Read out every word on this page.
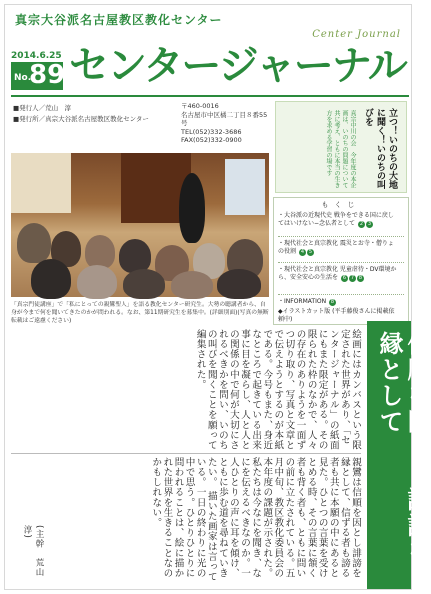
真宗大谷派名古屋教区教化センター
Center Journal
2014.6.25
No.
89 センタージャーナル
■発行人／荒山　淳
■発行所／真宗大谷派名古屋教区教化センター
〒460-0016
名古屋市中区橘二丁目８番55号
TEL(052)332-3686
FAX(052)332-0900	立つ！いのちの大地に聞く！いのちの叫びを
真宗中川の会　今年度の本企画は、いのちの問題について共に考え、ともに本当の生き方を求める学習の場です
「真宗門徒講座」で「私にとっての親鸞聖人」を語る教化センター研究生。大勢の聴講者から、自身が今まで何を聞いてきたのかが問われる。なお、第11期研究生を募集中。(詳細別面)(写真の無断転載はご遠慮ください)
もくじ
・大谷派の近現代史 戦争をできる国に戻してはいけない−念仏者として 2 3
・現代社会と真宗教化 震災とお寺・僧りょの役割 4 5
・現代社会と真宗教化 児童虐待・DV環境から、安全安心の生活を 6 7 8
・INFORMATION 8
◆イラストカット版 (平手藤俊さんに掲載依頼中)
信順を因とし誹謗を縁として
絵画にはカンバスという限定された世界があり、「センタージャーナル」の紙面にもまた限定がある。その限られた枠のなかで、人々の存在のありようを一面ずつ切り取り、写真と文章とで伝えようとするのが本紙である。今号もまた、身近なところで起きている出来事に目を凝らし、人と人との関係の中で何が大切にされるべきかを問い、いのちの叫びを聞くことを願って編集された。
親鸞は信順を因とし誹謗を縁として、信ずる者も謗る者も共に本願の中にあると見た。ひとつの言葉を受けとめる時、その言葉に頷く者も背く者も、ともに問いの前に立たされている。五月中旬、教区教化委員会の本年度の課題が示された。私たちは今なにを聞き、なにを伝えるべきなのか。一人ひとりの声に耳を傾け、ともに歩む道を尋ねていきたい。 描いた画家は言っている。一日の終わりに光の中で思う。ひとりひとりに問われることは、絵に描かれた世界を生きることなのかもしれない。
(主幹　荒山　淳)
